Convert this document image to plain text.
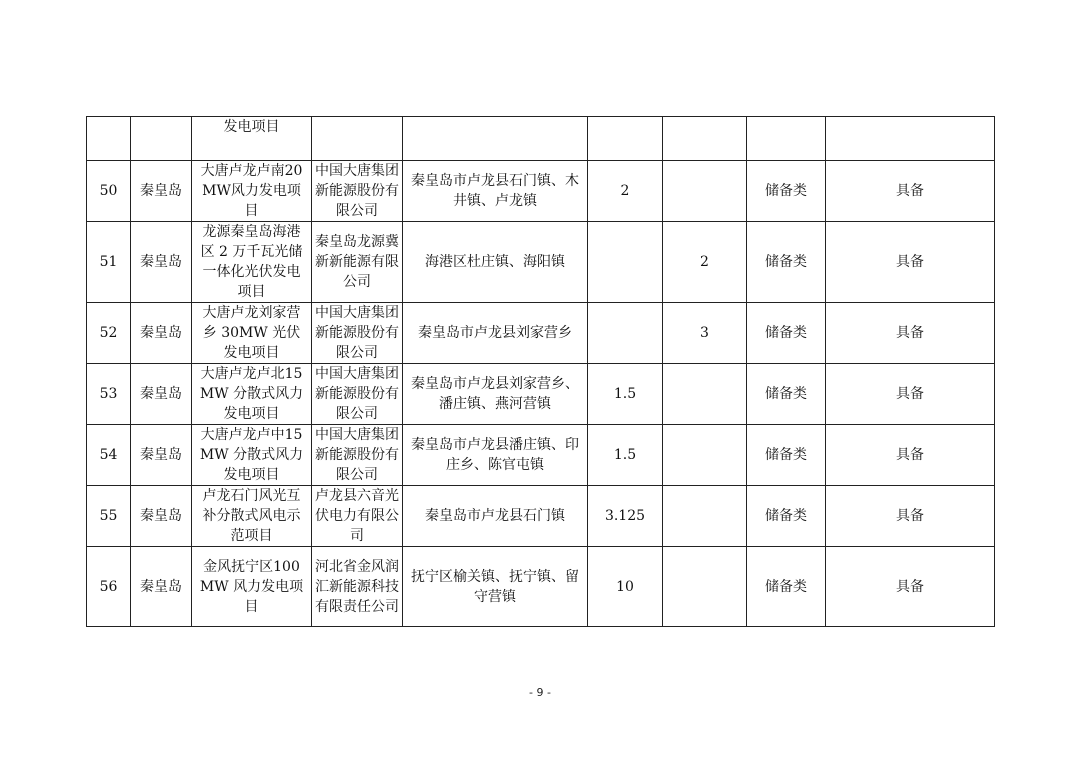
		发电项目						
50	秦皇岛	大唐卢龙卢南20MW风力发电项目	中国大唐集团新能源股份有限公司	秦皇岛市卢龙县石门镇、木井镇、卢龙镇	2		储备类	具备
51	秦皇岛	龙源秦皇岛海港区 2 万千瓦光储一体化光伏发电项目	秦皇岛龙源冀新新能源有限公司	海港区杜庄镇、海阳镇		2	储备类	具备
52	秦皇岛	大唐卢龙刘家营乡 30MW 光伏发电项目	中国大唐集团新能源股份有限公司	秦皇岛市卢龙县刘家营乡		3	储备类	具备
53	秦皇岛	大唐卢龙卢北15MW 分散式风力发电项目	中国大唐集团新能源股份有限公司	秦皇岛市卢龙县刘家营乡、潘庄镇、燕河营镇	1.5		储备类	具备
54	秦皇岛	大唐卢龙卢中15MW 分散式风力发电项目	中国大唐集团新能源股份有限公司	秦皇岛市卢龙县潘庄镇、印庄乡、陈官屯镇	1.5		储备类	具备
55	秦皇岛	卢龙石门风光互补分散式风电示范项目	卢龙县六音光伏电力有限公司	秦皇岛市卢龙县石门镇	3.125		储备类	具备
56	秦皇岛	金风抚宁区100MW 风力发电项目	河北省金风润汇新能源科技有限责任公司	抚宁区榆关镇、抚宁镇、留守营镇	10		储备类	具备
- 9 -
